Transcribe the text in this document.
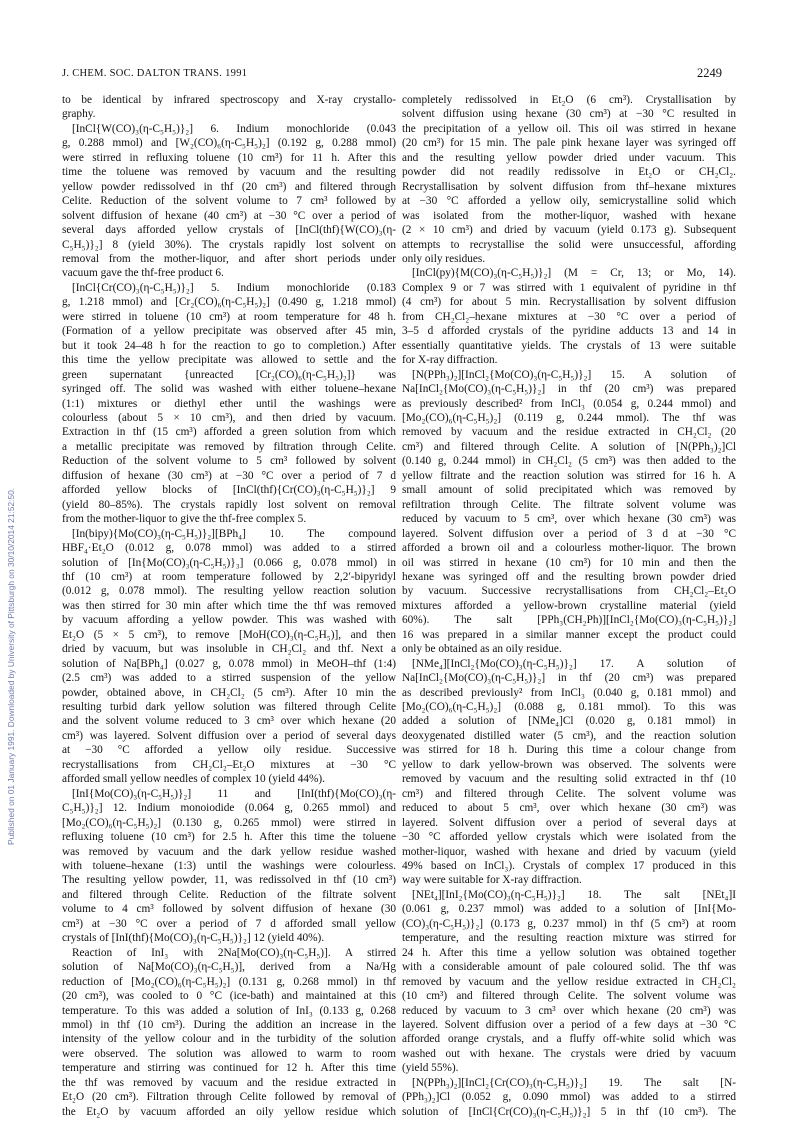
J. CHEM. SOC. DALTON TRANS. 1991	2249
Published on 01 January 1991. Downloaded by University of Pittsburgh on 30/10/2014 21:52:50.
to be identical by infrared spectroscopy and X-ray crystallo-
graphy.
[InCl{W(CO)₃(η-C₅H₅)}₂] 6. Indium monochloride (0.043
g, 0.288 mmol) and [W₂(CO)₆(η-C₅H₅)₂] (0.192 g, 0.288 mmol)
were stirred in refluxing toluene (10 cm³) for 11 h. After this
time the toluene was removed by vacuum and the resulting
yellow powder redissolved in thf (20 cm³) and filtered through
Celite. Reduction of the solvent volume to 7 cm³ followed by
solvent diffusion of hexane (40 cm³) at −30 °C over a period of
several days afforded yellow crystals of [InCl(thf){W(CO)₃(η-
C₅H₅)}₂] 8 (yield 30%). The crystals rapidly lost solvent on
removal from the mother-liquor, and after short periods under
vacuum gave the thf-free product 6.
[InCl{Cr(CO)₃(η-C₅H₅)}₂] 5. Indium monochloride (0.183
g, 1.218 mmol) and [Cr₂(CO)₆(η-C₅H₅)₂] (0.490 g, 1.218 mmol)
were stirred in toluene (10 cm³) at room temperature for 48 h.
(Formation of a yellow precipitate was observed after 45 min,
but it took 24–48 h for the reaction to go to completion.) After
this time the yellow precipitate was allowed to settle and the
green supernatant {unreacted [Cr₂(CO)₆(η-C₅H₅)₂]} was
syringed off. The solid was washed with either toluene–hexane
(1:1) mixtures or diethyl ether until the washings were
colourless (about 5 × 10 cm³), and then dried by vacuum.
Extraction in thf (15 cm³) afforded a green solution from which
a metallic precipitate was removed by filtration through Celite.
Reduction of the solvent volume to 5 cm³ followed by solvent
diffusion of hexane (30 cm³) at −30 °C over a period of 7 d
afforded yellow blocks of [InCl(thf){Cr(CO)₃(η-C₅H₅)}₂] 9
(yield 80–85%). The crystals rapidly lost solvent on removal
from the mother-liquor to give the thf-free complex 5.
[In(bipy){Mo(CO)₃(η-C₅H₅)}₂][BPh₄] 10. The compound
HBF₄·Et₂O (0.012 g, 0.078 mmol) was added to a stirred
solution of [In{Mo(CO)₃(η-C₅H₅)}₃] (0.066 g, 0.078 mmol) in
thf (10 cm³) at room temperature followed by 2,2′-bipyridyl
(0.012 g, 0.078 mmol). The resulting yellow reaction solution
was then stirred for 30 min after which time the thf was removed
by vacuum affording a yellow powder. This was washed with
Et₂O (5 × 5 cm³), to remove [MoH(CO)₃(η-C₅H₅)], and then
dried by vacuum, but was insoluble in CH₂Cl₂ and thf. Next a
solution of Na[BPh₄] (0.027 g, 0.078 mmol) in MeOH–thf (1:4)
(2.5 cm³) was added to a stirred suspension of the yellow
powder, obtained above, in CH₂Cl₂ (5 cm³). After 10 min the
resulting turbid dark yellow solution was filtered through Celite
and the solvent volume reduced to 3 cm³ over which hexane (20
cm³) was layered. Solvent diffusion over a period of several days
at −30 °C afforded a yellow oily residue. Successive
recrystallisations from CH₂Cl₂–Et₂O mixtures at −30 °C
afforded small yellow needles of complex 10 (yield 44%).
[InI{Mo(CO)₃(η-C₅H₅)}₂] 11 and [InI(thf){Mo(CO)₃(η-
C₅H₅)}₂] 12. Indium monoiodide (0.064 g, 0.265 mmol) and
[Mo₂(CO)₆(η-C₅H₅)₂] (0.130 g, 0.265 mmol) were stirred in
refluxing toluene (10 cm³) for 2.5 h. After this time the toluene
was removed by vacuum and the dark yellow residue washed
with toluene–hexane (1:3) until the washings were colourless.
The resulting yellow powder, 11, was redissolved in thf (10 cm³)
and filtered through Celite. Reduction of the filtrate solvent
volume to 4 cm³ followed by solvent diffusion of hexane (30
cm³) at −30 °C over a period of 7 d afforded small yellow
crystals of [InI(thf){Mo(CO)₃(η-C₅H₅)}₂] 12 (yield 40%).
Reaction of InI₃ with 2Na[Mo(CO)₃(η-C₅H₅)]. A stirred
solution of Na[Mo(CO)₃(η-C₅H₅)], derived from a Na/Hg
reduction of [Mo₂(CO)₆(η-C₅H₅)₂] (0.131 g, 0.268 mmol) in thf
(20 cm³), was cooled to 0 °C (ice-bath) and maintained at this
temperature. To this was added a solution of InI₃ (0.133 g, 0.268
mmol) in thf (10 cm³). During the addition an increase in the
intensity of the yellow colour and in the turbidity of the solution
were observed. The solution was allowed to warm to room
temperature and stirring was continued for 12 h. After this time
the thf was removed by vacuum and the residue extracted in
Et₂O (20 cm³). Filtration through Celite followed by removal of
the Et₂O by vacuum afforded an oily yellow residue which
completely redissolved in Et₂O (6 cm³). Crystallisation by
solvent diffusion using hexane (30 cm³) at −30 °C resulted in
the precipitation of a yellow oil. This oil was stirred in hexane
(20 cm³) for 15 min. The pale pink hexane layer was syringed off
and the resulting yellow powder dried under vacuum. This
powder did not readily redissolve in Et₂O or CH₂Cl₂.
Recrystallisation by solvent diffusion from thf–hexane mixtures
at −30 °C afforded a yellow oily, semicrystalline solid which
was isolated from the mother-liquor, washed with hexane
(2 × 10 cm³) and dried by vacuum (yield 0.173 g). Subsequent
attempts to recrystallise the solid were unsuccessful, affording
only oily residues.
[InCl(py){M(CO)₃(η-C₅H₅)}₂] (M = Cr, 13; or Mo, 14).
Complex 9 or 7 was stirred with 1 equivalent of pyridine in thf
(4 cm³) for about 5 min. Recrystallisation by solvent diffusion
from CH₂Cl₂–hexane mixtures at −30 °C over a period of
3–5 d afforded crystals of the pyridine adducts 13 and 14 in
essentially quantitative yields. The crystals of 13 were suitable
for X-ray diffraction.
[N(PPh₃)₂][InCl₂{Mo(CO)₃(η-C₅H₅)}₂] 15. A solution of
Na[InCl₂{Mo(CO)₃(η-C₅H₅)}₂] in thf (20 cm³) was prepared
as previously described² from InCl₃ (0.054 g, 0.244 mmol) and
[Mo₂(CO)₆(η-C₅H₅)₂] (0.119 g, 0.244 mmol). The thf was
removed by vacuum and the residue extracted in CH₂Cl₂ (20
cm³) and filtered through Celite. A solution of [N(PPh₃)₂]Cl
(0.140 g, 0.244 mmol) in CH₂Cl₂ (5 cm³) was then added to the
yellow filtrate and the reaction solution was stirred for 16 h. A
small amount of solid precipitated which was removed by
refiltration through Celite. The filtrate solvent volume was
reduced by vacuum to 5 cm³, over which hexane (30 cm³) was
layered. Solvent diffusion over a period of 3 d at −30 °C
afforded a brown oil and a colourless mother-liquor. The brown
oil was stirred in hexane (10 cm³) for 10 min and then the
hexane was syringed off and the resulting brown powder dried
by vacuum. Successive recrystallisations from CH₂Cl₂–Et₂O
mixtures afforded a yellow-brown crystalline material (yield
60%). The salt [PPh₃(CH₂Ph)][InCl₂{Mo(CO)₃(η-C₅H₅)}₂]
16 was prepared in a similar manner except the product could
only be obtained as an oily residue.
[NMe₄][InCl₂{Mo(CO)₃(η-C₅H₅)}₂] 17. A solution of
Na[InCl₂{Mo(CO)₃(η-C₅H₅)}₂] in thf (20 cm³) was prepared
as described previously² from InCl₃ (0.040 g, 0.181 mmol) and
[Mo₂(CO)₆(η-C₅H₅)₂] (0.088 g, 0.181 mmol). To this was
added a solution of [NMe₄]Cl (0.020 g, 0.181 mmol) in
deoxygenated distilled water (5 cm³), and the reaction solution
was stirred for 18 h. During this time a colour change from
yellow to dark yellow-brown was observed. The solvents were
removed by vacuum and the resulting solid extracted in thf (10
cm³) and filtered through Celite. The solvent volume was
reduced to about 5 cm³, over which hexane (30 cm³) was
layered. Solvent diffusion over a period of several days at
−30 °C afforded yellow crystals which were isolated from the
mother-liquor, washed with hexane and dried by vacuum (yield
49% based on InCl₃). Crystals of complex 17 produced in this
way were suitable for X-ray diffraction.
[NEt₄][InI₂{Mo(CO)₃(η-C₅H₅)}₂] 18. The salt [NEt₄]I
(0.061 g, 0.237 mmol) was added to a solution of [InI{Mo-
(CO)₃(η-C₅H₅)}₂] (0.173 g, 0.237 mmol) in thf (5 cm³) at room
temperature, and the resulting reaction mixture was stirred for
24 h. After this time a yellow solution was obtained together
with a considerable amount of pale coloured solid. The thf was
removed by vacuum and the yellow residue extracted in CH₂Cl₂
(10 cm³) and filtered through Celite. The solvent volume was
reduced by vacuum to 3 cm³ over which hexane (20 cm³) was
layered. Solvent diffusion over a period of a few days at −30 °C
afforded orange crystals, and a fluffy off-white solid which was
washed out with hexane. The crystals were dried by vacuum
(yield 55%).
[N(PPh₃)₂][InCl₂{Cr(CO)₃(η-C₅H₅)}₂] 19. The salt [N-
(PPh₃)₂]Cl (0.052 g, 0.090 mmol) was added to a stirred
solution of [InCl{Cr(CO)₃(η-C₅H₅)}₂] 5 in thf (10 cm³). The
